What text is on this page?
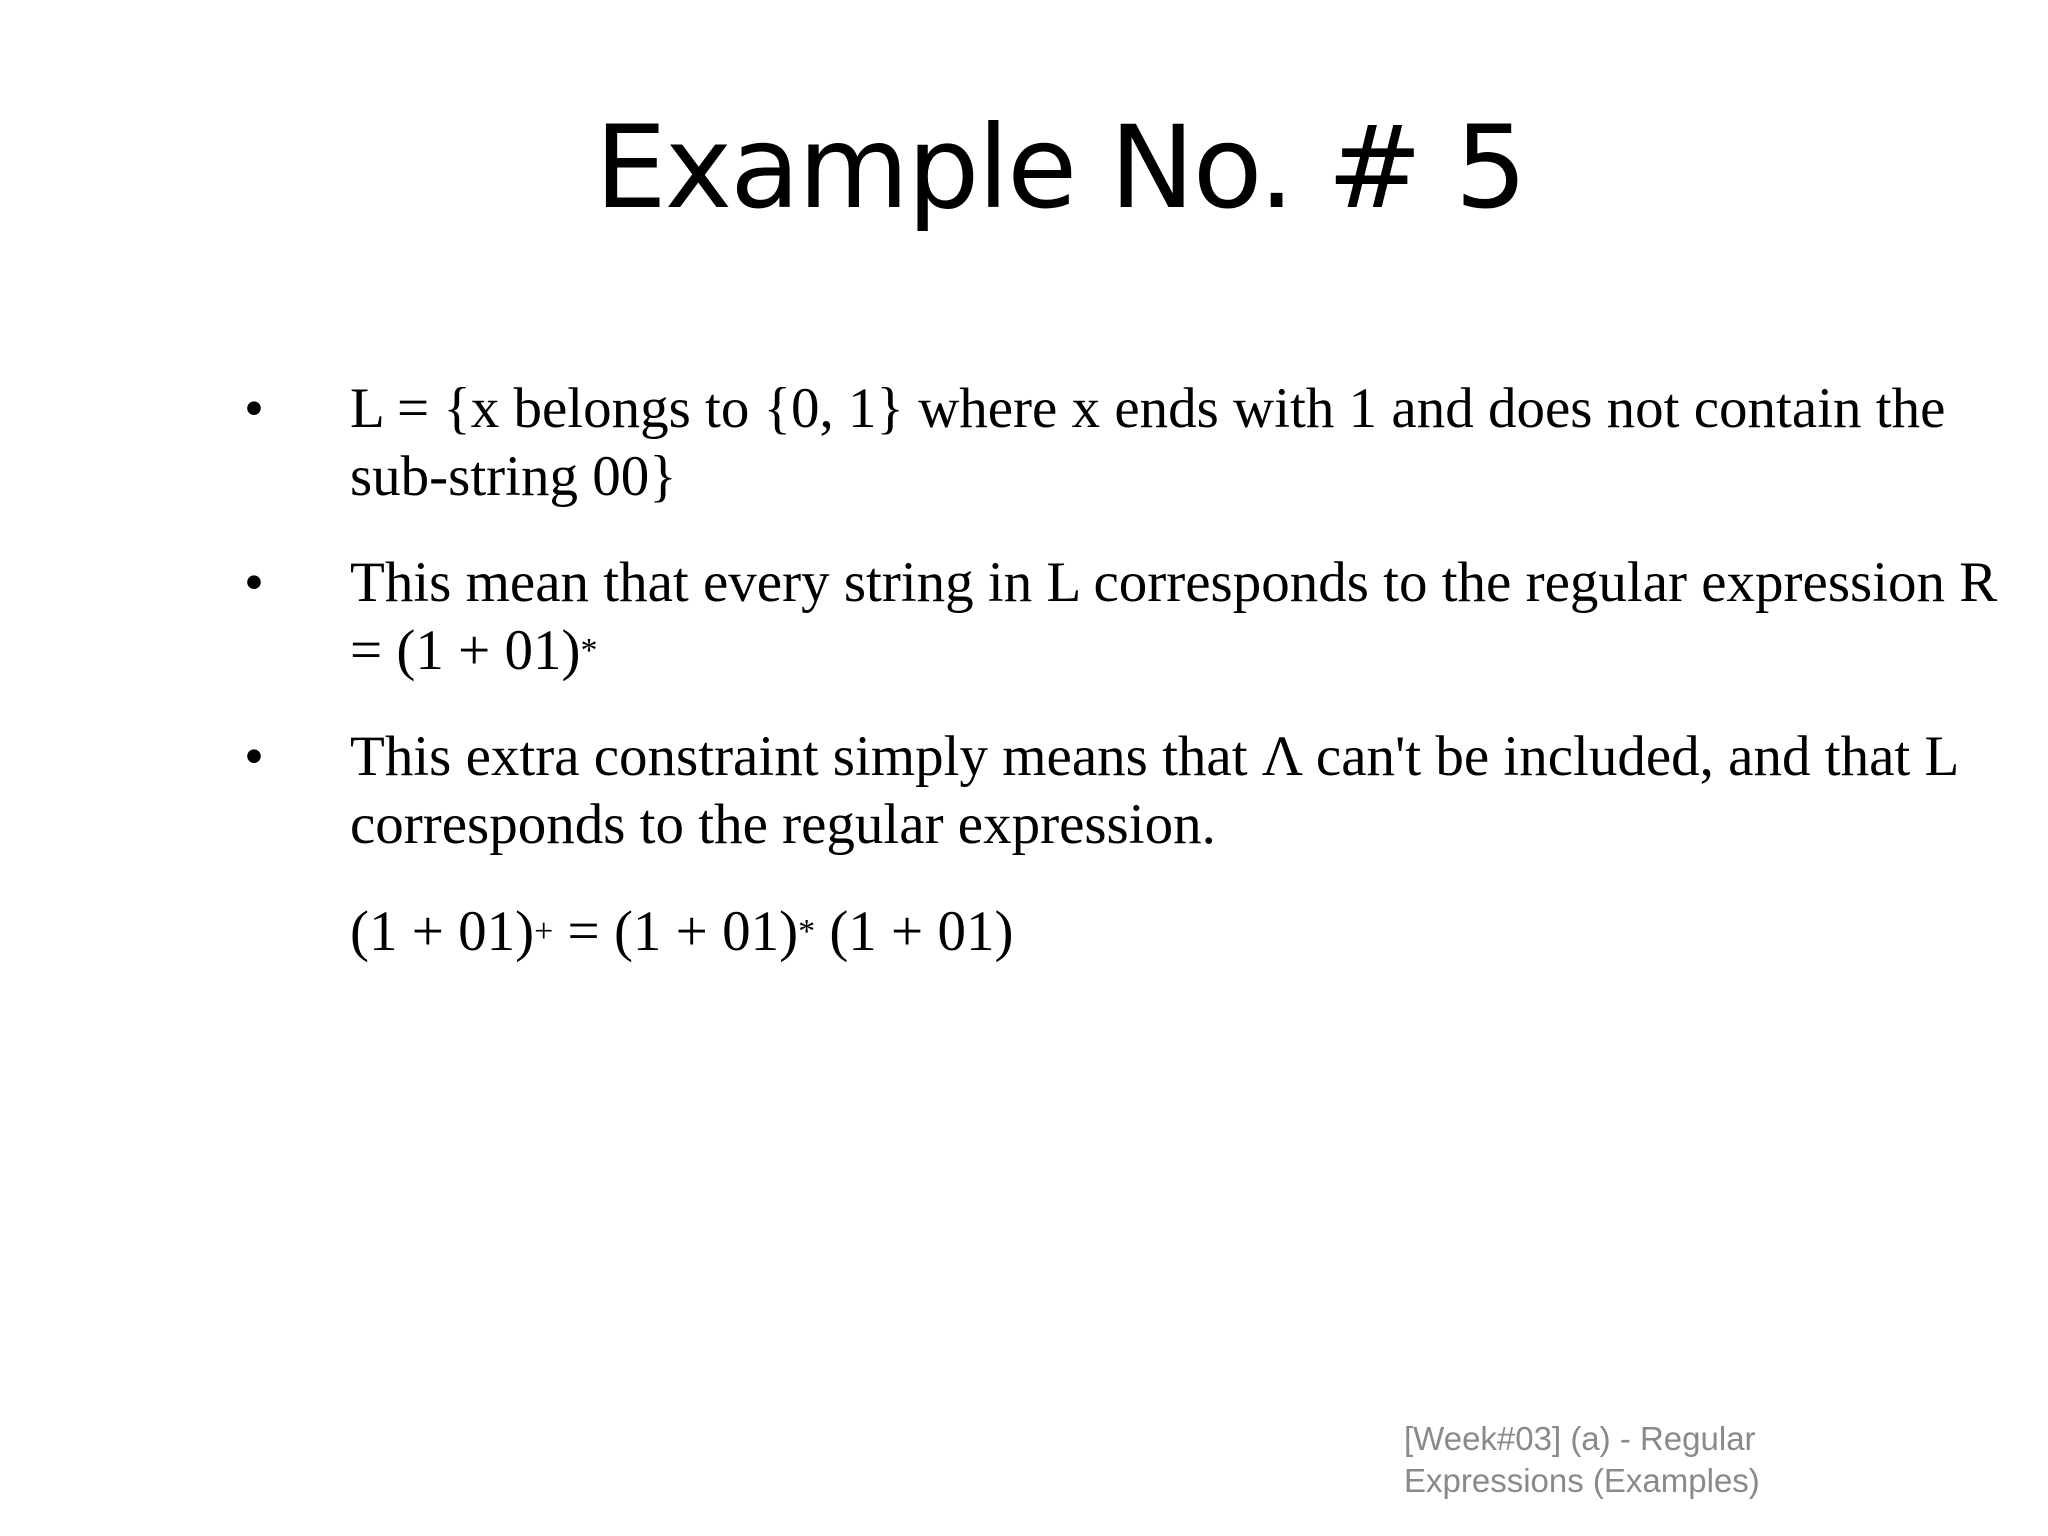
Example No. # 5
• L = {x belongs to {0, 1} where x ends with 1 and does not contain the sub-string 00}
• This mean that every string in L corresponds to the regular expression R = (1 + 01)*
• This extra constraint simply means that Λ can't be included, and that L corresponds to the regular expression.
(1 + 01)+ = (1 + 01)* (1 + 01)
[Week#03] (a) - Regular
Expressions (Examples)
